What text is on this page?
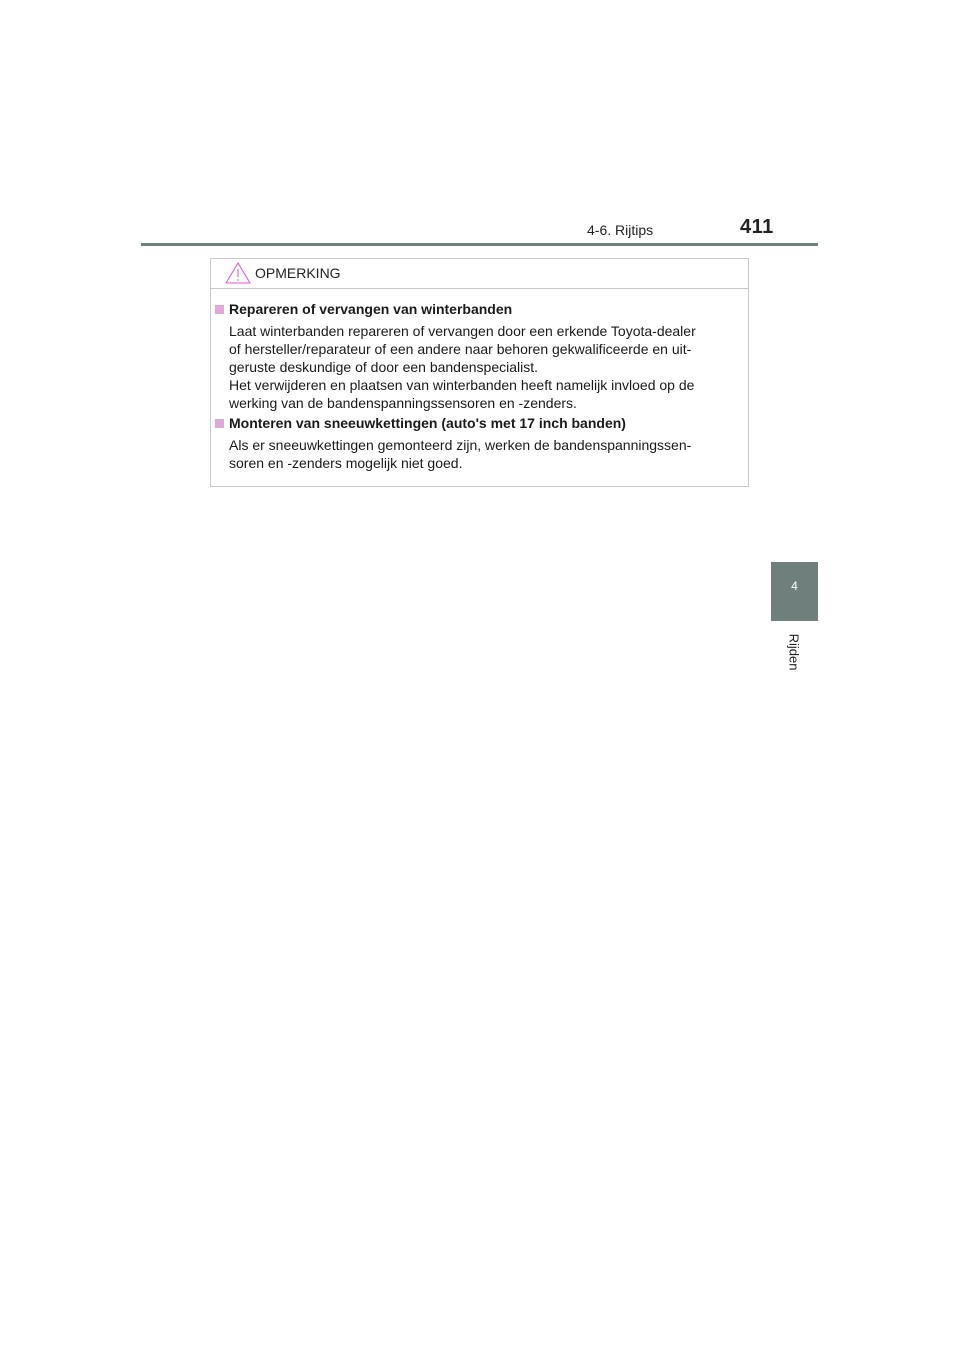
4-6. Rijtips	411
4
Rijden
OPMERKING
Repareren of vervangen van winterbanden
Laat winterbanden repareren of vervangen door een erkende Toyota-dealer
of hersteller/reparateur of een andere naar behoren gekwalificeerde en uit-
geruste deskundige of door een bandenspecialist.
Het verwijderen en plaatsen van winterbanden heeft namelijk invloed op de
werking van de bandenspanningssensoren en -zenders.
Monteren van sneeuwkettingen (auto's met 17 inch banden)
Als er sneeuwkettingen gemonteerd zijn, werken de bandenspanningssen-
soren en -zenders mogelijk niet goed.
